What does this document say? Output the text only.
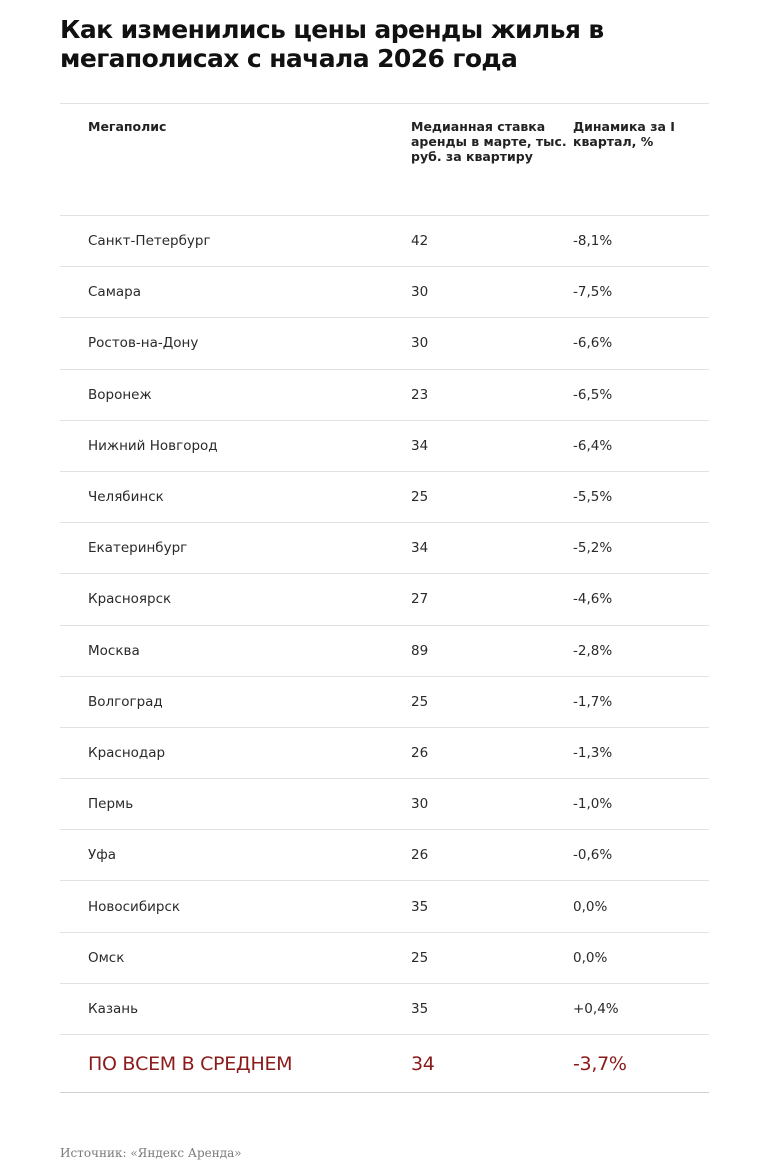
Как изменились цены аренды жилья в мегаполисах с начала 2026 года
Мегаполис	Медианная ставка аренды в марте, тыс. руб. за квартиру	Динамика за I квартал, %
Санкт-Петербург	42	-8,1%
Самара	30	-7,5%
Ростов-на-Дону	30	-6,6%
Воронеж	23	-6,5%
Нижний Новгород	34	-6,4%
Челябинск	25	-5,5%
Екатеринбург	34	-5,2%
Красноярск	27	-4,6%
Москва	89	-2,8%
Волгоград	25	-1,7%
Краснодар	26	-1,3%
Пермь	30	-1,0%
Уфа	26	-0,6%
Новосибирск	35	0,0%
Омск	25	0,0%
Казань	35	+0,4%
ПО ВСЕМ В СРЕДНЕМ	34	-3,7%
Источник: «Яндекс Аренда»
